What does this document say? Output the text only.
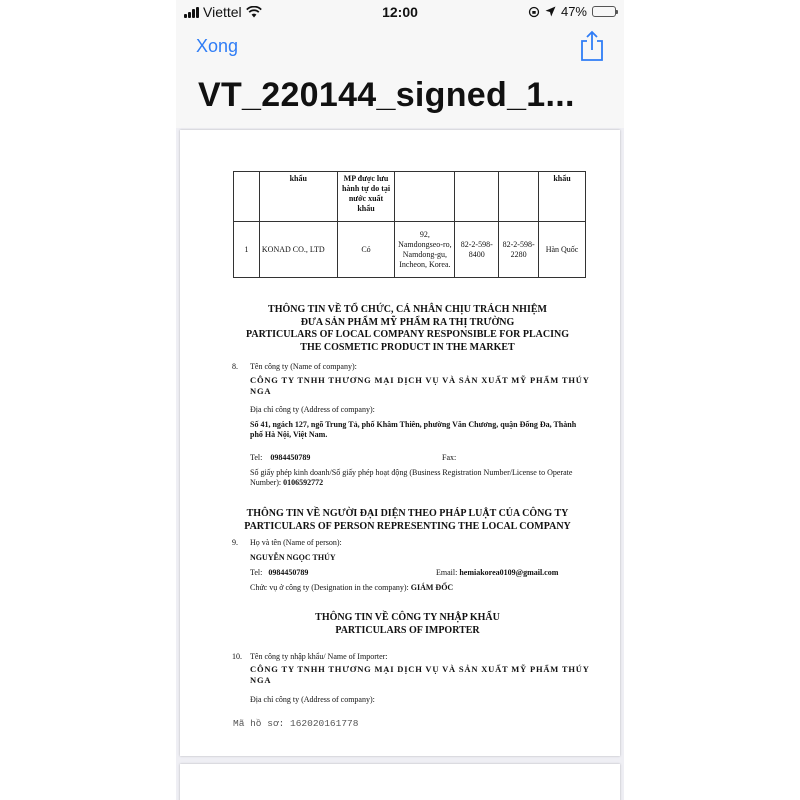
Viettel	12:00	47%
Xong
VT_220144_signed_1...
	khẩu	MP được lưu hành tự do tại nước xuất khẩu				khẩu
1	KONAD CO., LTD	Có	92, Namdongseo-ro, Namdong-gu, Incheon, Korea.	82-2-598-8400	82-2-598-2280	Hàn Quốc
THÔNG TIN VỀ TỔ CHỨC, CÁ NHÂN CHỊU TRÁCH NHIỆM
ĐƯA SẢN PHẨM MỸ PHẨM RA THỊ TRƯỜNG
PARTICULARS OF LOCAL COMPANY RESPONSIBLE FOR PLACING
THE COSMETIC PRODUCT IN THE MARKET
8. Tên công ty (Name of company):
CÔNG TY TNHH THƯƠNG MẠI DỊCH VỤ VÀ SẢN XUẤT MỸ PHẨM THÚY NGA
Địa chỉ công ty (Address of company):
Số 41, ngách 127, ngõ Trung Tả, phố Khâm Thiên, phường Văn Chương, quận Đống Đa, Thành phố Hà Nội, Việt Nam.
Tel: 0984450789	Fax:
Số giấy phép kinh doanh/Số giấy phép hoạt động (Business Registration Number/License to Operate Number): 0106592772
THÔNG TIN VỀ NGƯỜI ĐẠI DIỆN THEO PHÁP LUẬT CỦA CÔNG TY
PARTICULARS OF PERSON REPRESENTING THE LOCAL COMPANY
9. Họ và tên (Name of person):
NGUYỄN NGỌC THÚY
Tel: 0984450789	Email: hemiakorea0109@gmail.com
Chức vụ ở công ty (Designation in the company): GIÁM ĐỐC
THÔNG TIN VỀ CÔNG TY NHẬP KHẨU
PARTICULARS OF IMPORTER
10. Tên công ty nhập khẩu/ Name of Importer:
CÔNG TY TNHH THƯƠNG MẠI DỊCH VỤ VÀ SẢN XUẤT MỸ PHẨM THÚY NGA
Địa chỉ công ty (Address of company):
Mã hồ sơ: 162020161778
